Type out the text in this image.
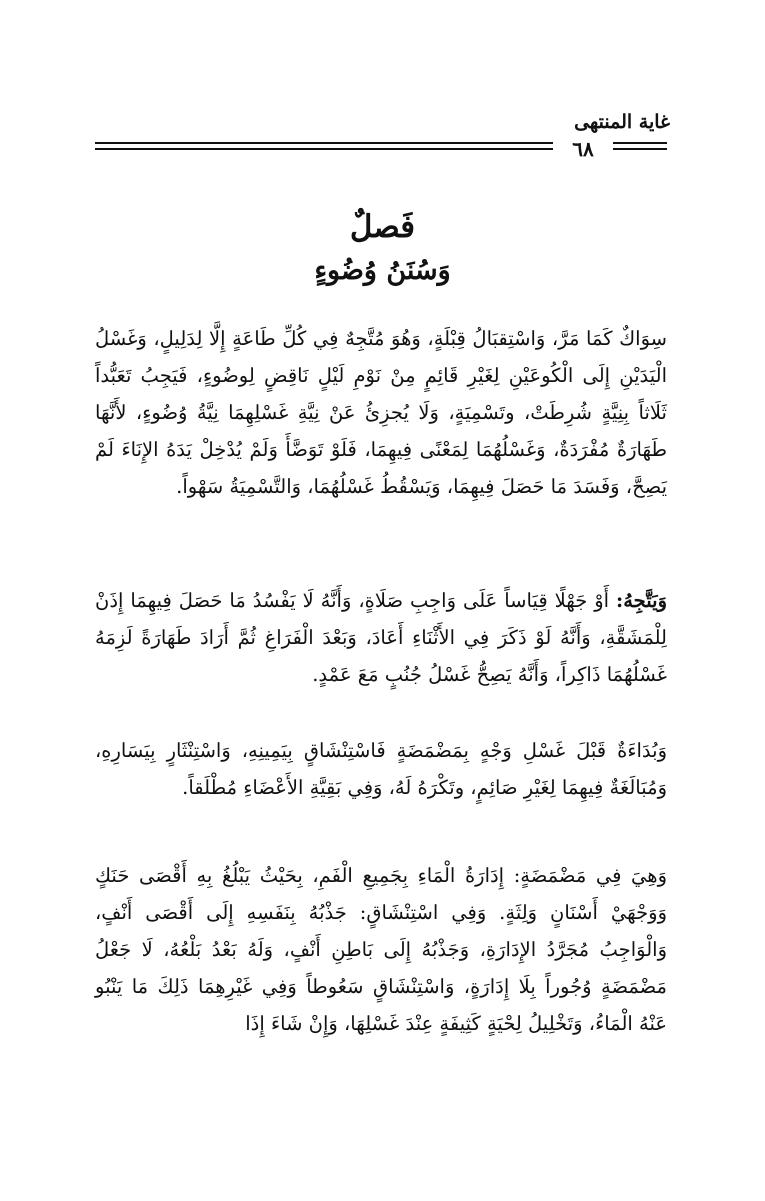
غاية المنتهى
٦٨
فَصلٌ
وَسُنَنُ وُضُوءٍ

سِوَاكٌ كَمَا مَرَّ، وَاسْتِقبَالُ قِبْلَةٍ، وَهُوَ مُتَّجِهٌ فِي كُلِّ طَاعَةٍ إِلَّا لِدَلِيلٍ، وَغَسْلُ الْيَدَيْنِ إِلَى الْكُوعَيْنِ لِغَيْرِ قَائِمٍ مِنْ نَوْمِ لَيْلٍ نَاقِضٍ لِوضُوءٍ، فَيَجِبُ تَعَبُّداً ثَلَاثاً بِنِيَّةٍ شُرِطَتْ، وتَسْمِيَةٍ، وَلَا يُجزِئُ عَنْ نِيَّةِ غَسْلِهِمَا نِيَّةُ وُضُوءٍ، لأَنَّهَا طَهَارَةٌ مُفْرَدَةٌ، وَغَسْلُهُمَا لِمَعْنًى فِيهِمَا، فَلَوْ تَوَضَّأَ وَلَمْ يُدْخِلْ يَدَهُ الإِنَاءَ لَمْ يَصِحَّ، وَفَسَدَ مَا حَصَلَ فِيهِمَا، وَيَسْقُطُ غَسْلُهُمَا، وَالتَّسْمِيَةُ سَهْواً.

وَيَتَّجِهُ: أَوْ جَهْلًا قِيَاساً عَلَى وَاجِبِ صَلَاةٍ، وَأَنَّهُ لَا يَفْسُدُ مَا حَصَلَ فِيهِمَا إِذَنْ لِلْمَشَقَّةِ، وَأَنَّهُ لَوْ ذَكَرَ فِي الأَثْنَاءِ أَعَادَ، وَبَعْدَ الْفَرَاغِ ثُمَّ أَرَادَ طَهَارَةً لَزِمَهُ غَسْلُهُمَا ذَاكِراً، وَأَنَّهُ يَصِحُّ غَسْلُ جُنُبٍ مَعَ عَمْدٍ.

وَبُدَاءَةٌ قَبْلَ غَسْلِ وَجْهٍ بِمَضْمَضَةٍ فَاسْتِنْشَاقٍ بِيَمِينِهِ، وَاسْتِنْثَارٍ بِيَسَارِهِ، وَمُبَالَغَةٌ فِيهِمَا لِغَيْرِ صَائِمٍ، وتَكْرَهُ لَهُ، وَفِي بَقِيَّةِ الأَعْضَاءِ مُطْلَقاً.

وَهِيَ فِي مَضْمَضَةٍ: إِدَارَةُ الْمَاءِ بِجَمِيعِ الْفَمِ، بِحَيْثُ يَبْلُغُ بِهِ أَقْصَى حَنَكٍ وَوَجْهَيْ أَسْنَانٍ وَلِثَةٍ. وَفِي اسْتِنْشَاقٍ: جَذْبُهُ بِنَفَسِهِ إِلَى أَقْصَى أَنْفٍ، وَالْوَاجِبُ مُجَرَّدُ الإِدَارَةِ، وَجَذْبُهُ إِلَى بَاطِنِ أَنْفٍ، وَلَهُ بَعْدُ بَلْعُهُ، لَا جَعْلُ مَضْمَضَةٍ وُجُوراً بِلَا إِدَارَةٍ، وَاسْتِنْشَاقٍ سَعُوطاً وَفِي غَيْرِهِمَا ذَلِكَ مَا يَنْبُو عَنْهُ الْمَاءُ، وَتَخْلِيلُ لِحْيَةٍ كَثِيفَةٍ عِنْدَ غَسْلِهَا، وَإِنْ شَاءَ إِذَا
